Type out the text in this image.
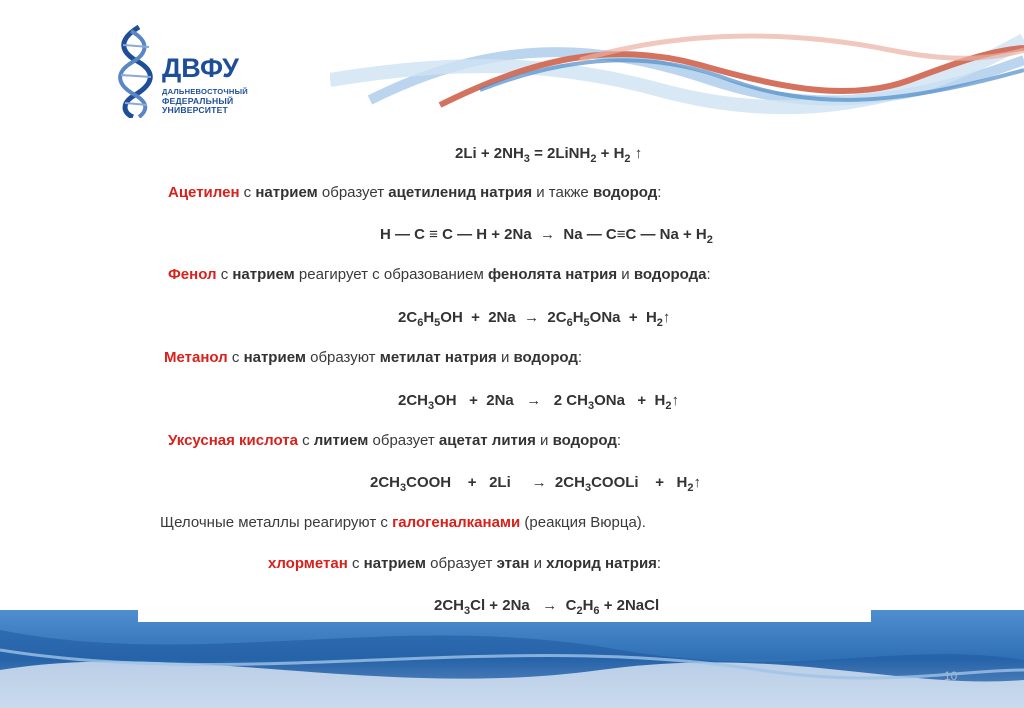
ДВФУ
ДАЛЬНЕВОСТОЧНЫЙ
ФЕДЕРАЛЬНЫЙ
УНИВЕРСИТЕТ
$2Li + 2NH_3$ = 2LiNH$_2$ + $H_2$ ↑
Ацетилен с натрием образует ацетиленид натрия и также водород:
H — C ≡ C — H + 2Na  →  Na — C≡C — $Na + H_2$
Фенол с натрием реагирует с образованием фенолята натрия и водорода:
$2C_6H_5OH + 2Na \to 2C_6H_5ONa$  +  $H_2↑$
Метанол с натрием образуют метилат натрия и водород:
$2CH_3OH + 2Na \to 2$ $CH_3ONa$   +  $H_2↑$
Уксусная кислота с литием образует ацетат лития и водород:
$2CH_3COOH$    +   2Li     →  $2CH_3COOLi$    +   $H_2↑$
Щелочные металлы реагируют с галогеналканами (реакция Вюрца).
хлорметан с натрием образует этан и хлорид натрия:
$2CH_3Cl + 2Na \to C_2H_6$ + 2NaCl
10
